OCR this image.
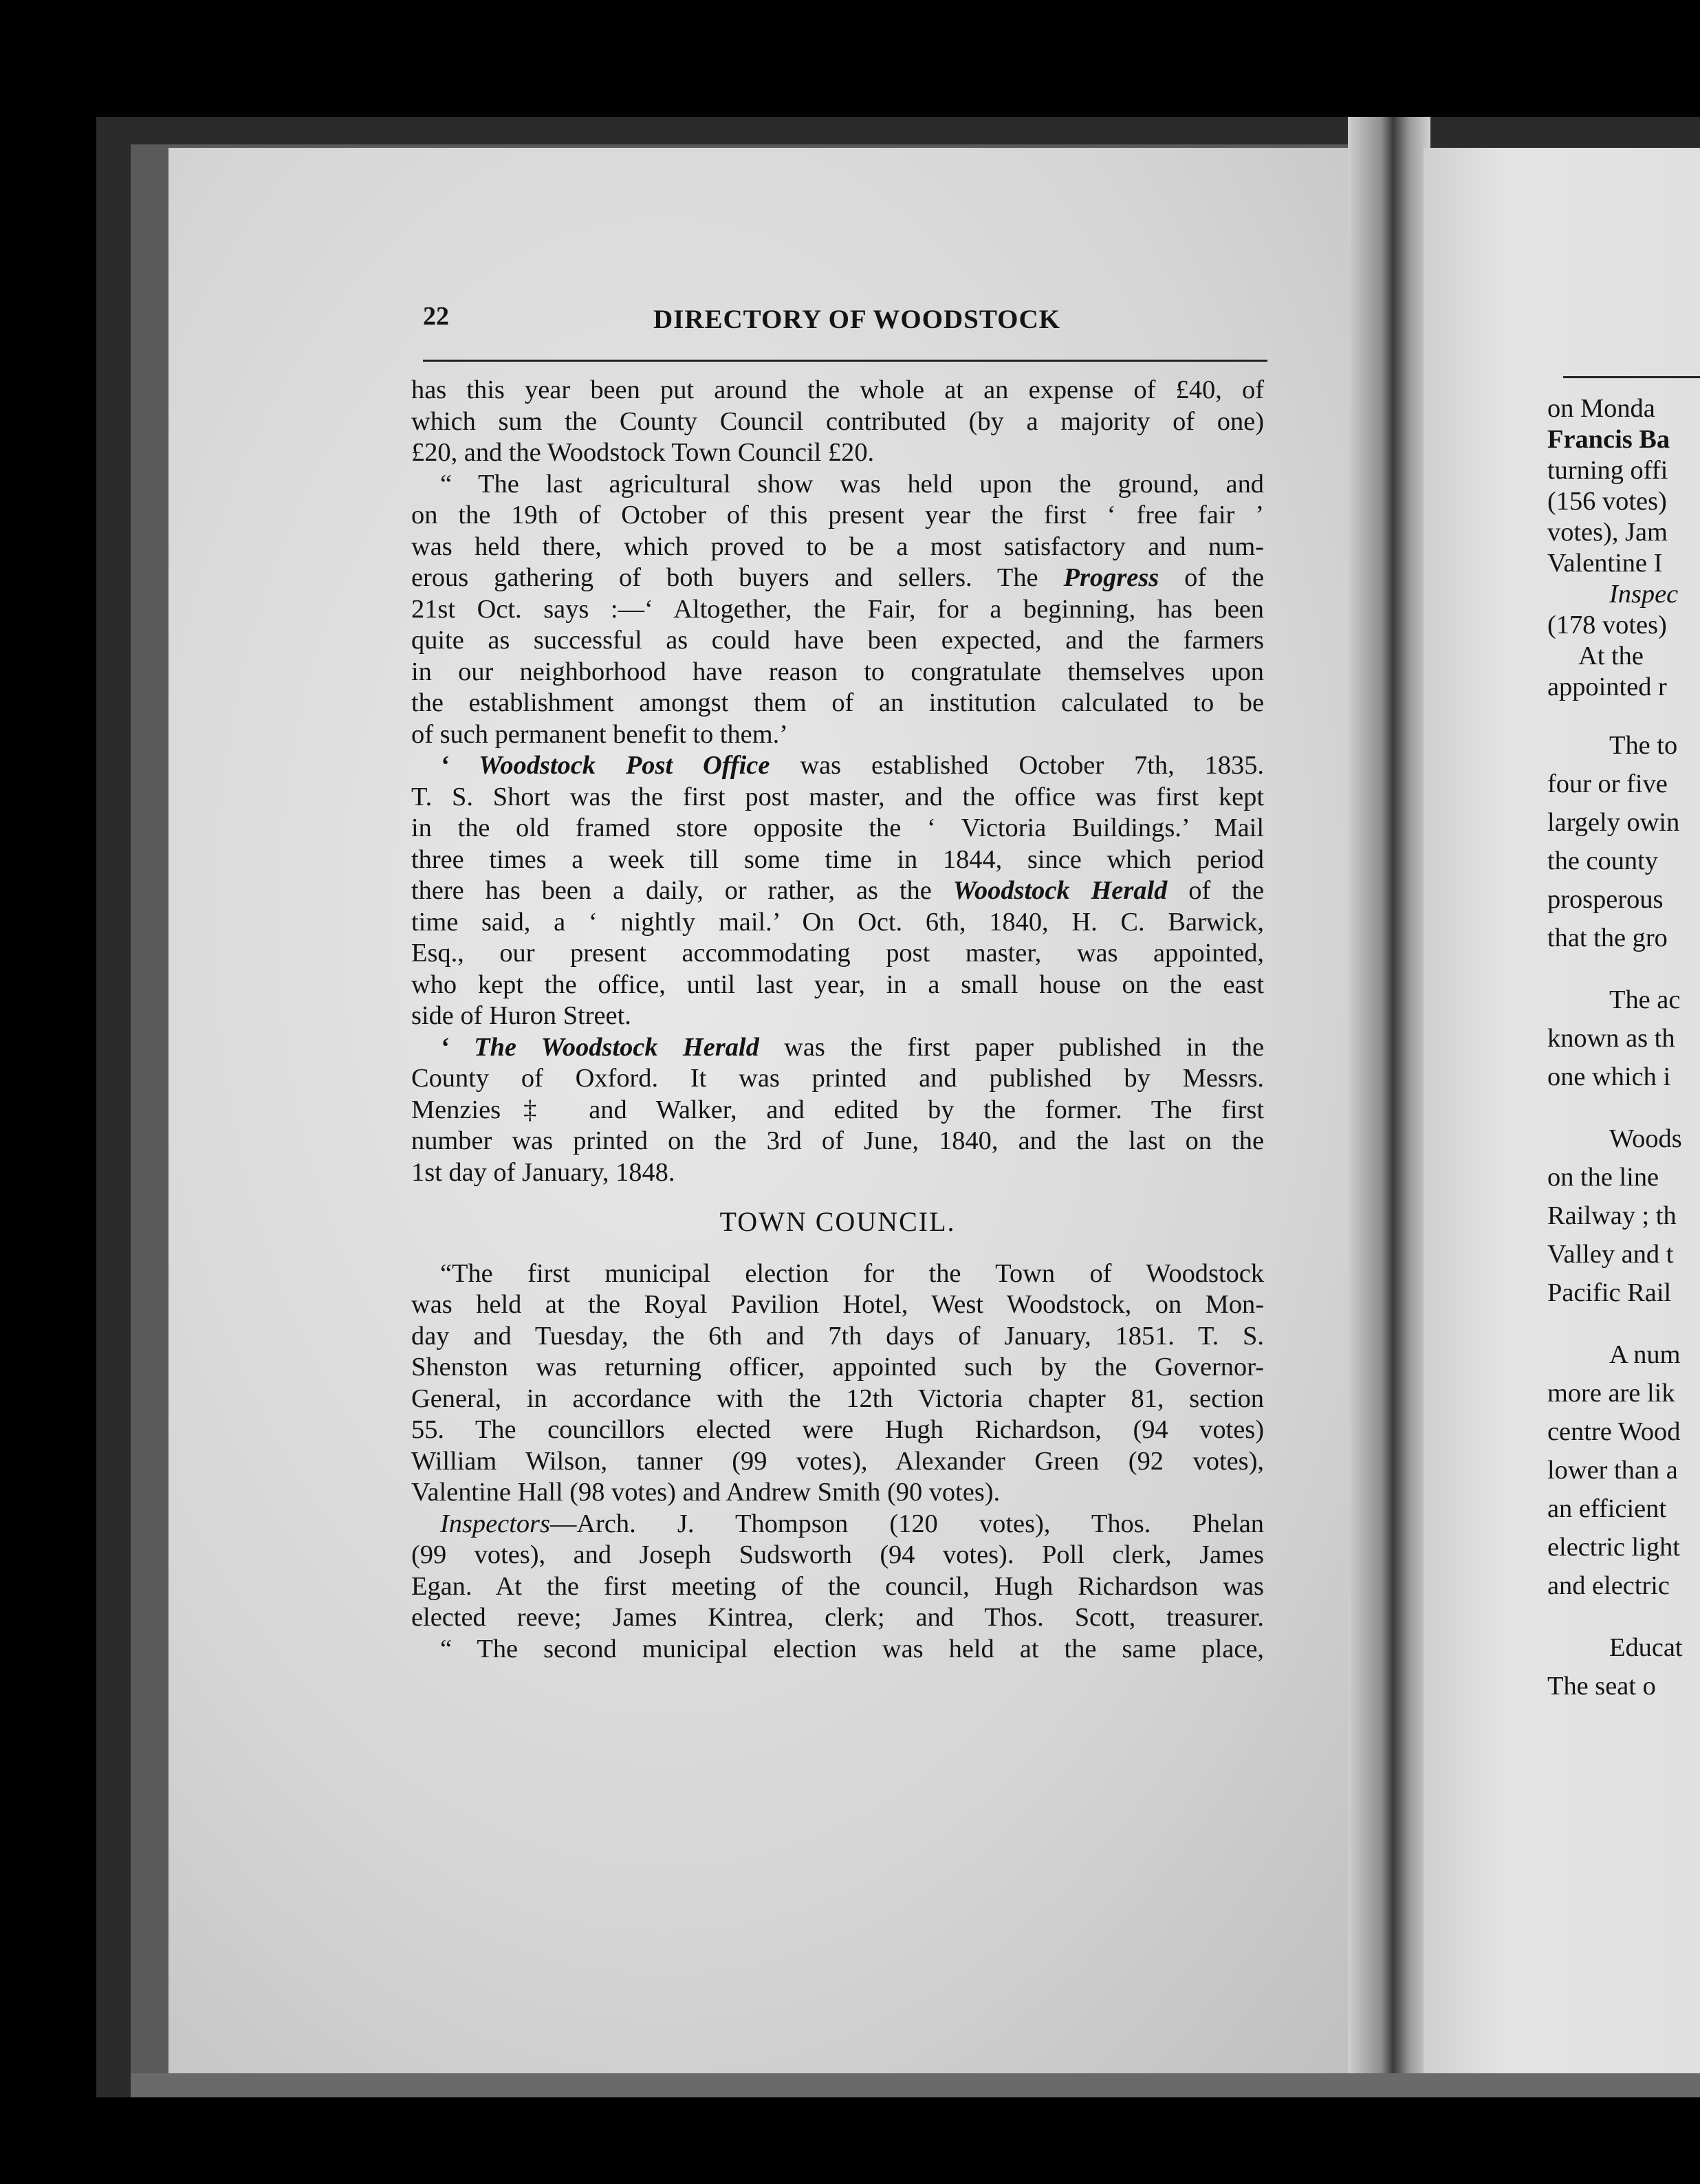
22	DIRECTORY OF WOODSTOCK
has this year been put around the whole at an expense of £40, of
which sum the County Council contributed (by a majority of one)
£20, and the Woodstock Town Council £20.
“ The last agricultural show was held upon the ground, and
on the 19th of October of this present year the first ‘ free fair ’
was held there, which proved to be a most satisfactory and num-
erous gathering of both buyers and sellers. The Progress of the
21st Oct. says :—‘ Altogether, the Fair, for a beginning, has been
quite as successful as could have been expected, and the farmers
in our neighborhood have reason to congratulate themselves upon
the establishment amongst them of an institution calculated to be
of such permanent benefit to them.’
‘ Woodstock Post Office was established October 7th, 1835.
T. S. Short was the first post master, and the office was first kept
in the old framed store opposite the ‘ Victoria Buildings.’ Mail
three times a week till some time in 1844, since which period
there has been a daily, or rather, as the Woodstock Herald of the
time said, a ‘ nightly mail.’ On Oct. 6th, 1840, H. C. Barwick,
Esq., our present accommodating post master, was appointed,
who kept the office, until last year, in a small house on the east
side of Huron Street.
‘ The Woodstock Herald was the first paper published in the
County of Oxford. It was printed and published by Messrs.
Menzies‡ and Walker, and edited by the former. The first
number was printed on the 3rd of June, 1840, and the last on the
1st day of January, 1848.
TOWN COUNCIL.
“The first municipal election for the Town of Woodstock
was held at the Royal Pavilion Hotel, West Woodstock, on Mon-
day and Tuesday, the 6th and 7th days of January, 1851. T. S.
Shenston was returning officer, appointed such by the Governor-
General, in accordance with the 12th Victoria chapter 81, section
55. The councillors elected were Hugh Richardson, (94 votes)
William Wilson, tanner (99 votes), Alexander Green (92 votes),
Valentine Hall (98 votes) and Andrew Smith (90 votes).
Inspectors—Arch. J. Thompson (120 votes), Thos. Phelan
(99 votes), and Joseph Sudsworth (94 votes). Poll clerk, James
Egan. At the first meeting of the council, Hugh Richardson was
elected reeve; James Kintrea, clerk; and Thos. Scott, treasurer.
“ The second municipal election was held at the same place,
on Monda
Francis Ba
turning offi
(156 votes)
votes), Jam
Valentine I
Inspec
(178 votes)
At the
appointed r
The to
four or five
largely owin
the county
prosperous
that the gro
The ac
known as th
one which i
Woods
on the line
Railway ; th
Valley and t
Pacific Rail
A num
more are lik
centre Wood
lower than a
an efficient
electric light
and electric
Educat
The seat o
